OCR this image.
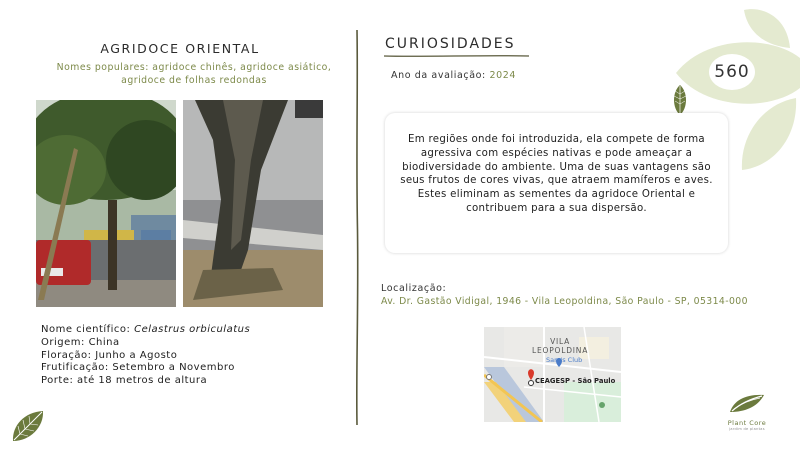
AGRIDOCE ORIENTAL
Nomes populares: agridoce chinês, agridoce asiático, agridoce de folhas redondas
Nome científico: Celastrus orbiculatus
Origem: China
Floração: Junho a Agosto
Frutificação: Setembro a Novembro
Porte: até 18 metros de altura
CURIOSIDADES
Ano da avaliação: 2024	560

Em regiões onde foi introduzida, ela compete de forma agressiva com espécies nativas e pode ameaçar a biodiversidade do ambiente. Uma de suas vantagens são seus frutos de cores vivas, que atraem mamíferos e aves. Estes eliminam as sementes da agridoce Oriental e contribuem para a sua dispersão.

Localização:
Av. Dr. Gastão Vidigal, 1946 - Vila Leopoldina, São Paulo - SP, 05314-000
VILA
LEOPOLDINA
Sam's Club
CEAGESP - São Paulo
Plant Core
jardim de plantas
